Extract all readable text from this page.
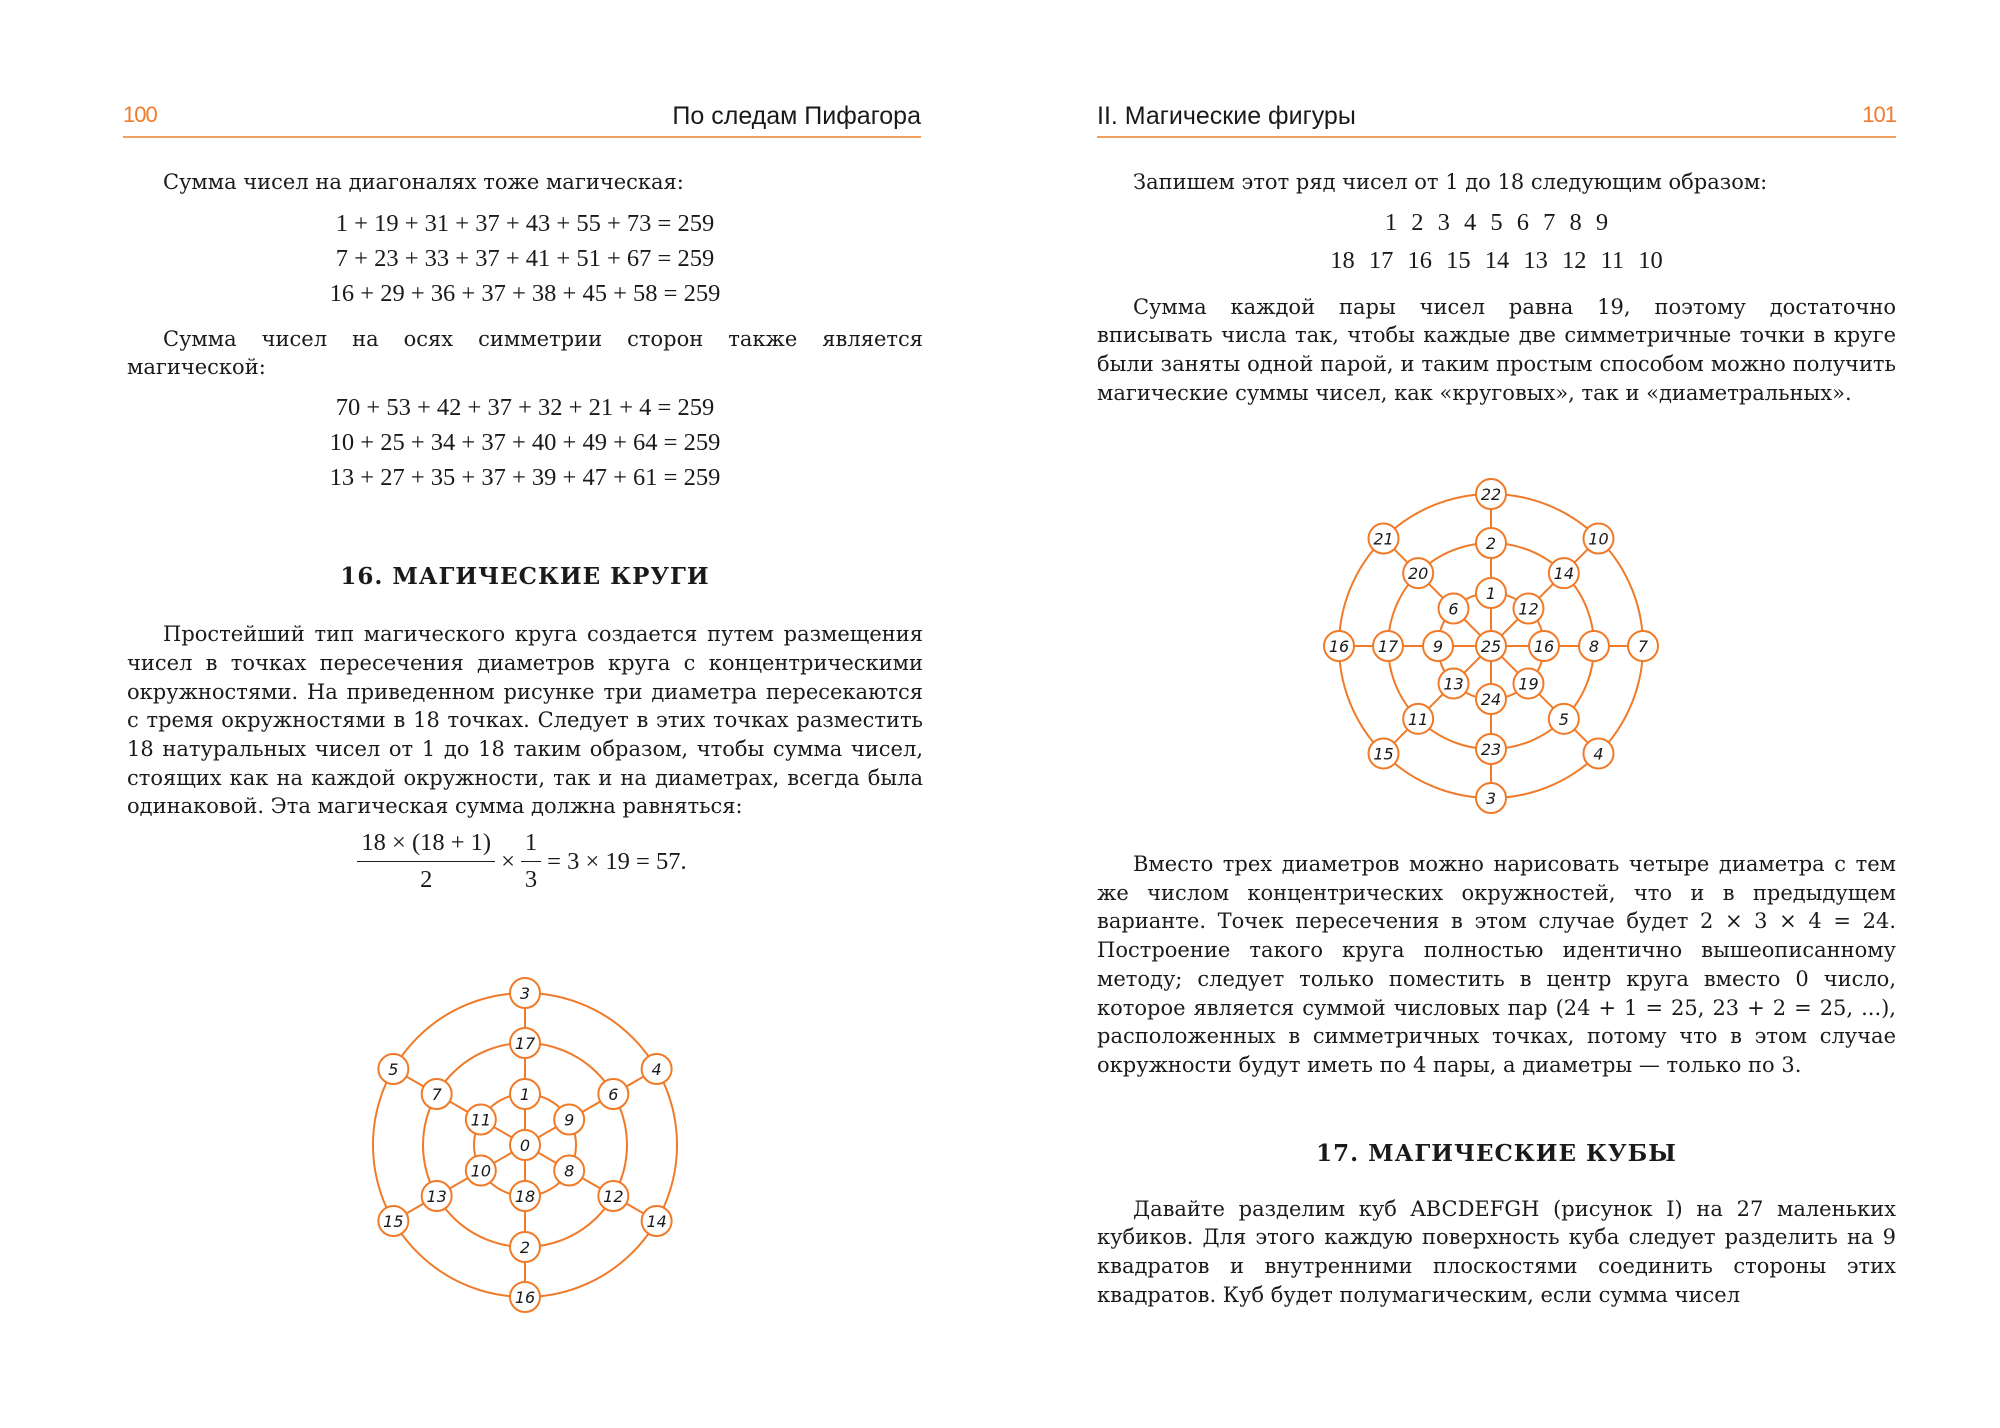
100	По следам Пифагора

Сумма чисел на диагоналях тоже магическая:

1 + 19 + 31 + 37 + 43 + 55 + 73 = 259

7 + 23 + 33 + 37 + 41 + 51 + 67 = 259

16 + 29 + 36 + 37 + 38 + 45 + 58 = 259

Сумма чисел на осях симметрии сторон также является магической:

70 + 53 + 42 + 37 + 32 + 21 + 4 = 259

10 + 25 + 34 + 37 + 40 + 49 + 64 = 259

13 + 27 + 35 + 37 + 39 + 47 + 61 = 259

16. МАГИЧЕСКИЕ КРУГИ

Простейший тип магического круга создается путем размещения чисел в точках пересечения диаметров круга с концентрическими окружностями. На приведенном рисунке три диаметра пересекаются с тремя окружностями в 18 точках. Следует в этих точках разместить 18 натуральных чисел от 1 до 18 таким образом, чтобы сумма чисел, стоящих как на каждой окружности, так и на диаметрах, всегда была одинаковой. Эта магическая сумма должна равняться:

$\frac{18 \times (18 + 1)}{2} \times \frac{1}{3} = 3 \times 19 = 57$.
1
9
8
18
10
11
17
6
12
2
13
7
3
4
14
16
15
5
0
II. Магические фигуры	101

Запишем этот ряд чисел от 1 до 18 следующим образом:

1 2 3 4 5 6 7 8 9

18 17 16 15 14 13 12 11 10

Сумма каждой пары чисел равна 19, поэтому достаточно вписывать числа так, чтобы каждые две симметричные точки в круге были заняты одной парой, и таким простым способом можно получить магические суммы чисел, как «круговых», так и «диаметральных».

1
12
16
19
24
13
9
6
2
14
8
5
23
11
17
20
22
10
7
4
3
15
16
21
25

Вместо трех диаметров можно нарисовать четыре диаметра с тем же числом концентрических окружностей, что и в предыдущем варианте. Точек пересечения в этом случае будет 2 × 3 × 4 = 24. Построение такого круга полностью идентично вышеописанному методу; следует только поместить в центр круга вместо 0 число, которое является суммой числовых пар (24 + 1 = 25, 23 + 2 = 25, ...), расположенных в симметричных точках, потому что в этом случае окружности будут иметь по 4 пары, а диаметры — только по 3.

17. МАГИЧЕСКИЕ КУБЫ

Давайте разделим куб ABCDEFGH (рисунок I) на 27 маленьких кубиков. Для этого каждую поверхность куба следует разделить на 9 квадратов и внутренними плоскостями соединить стороны этих квадратов. Куб будет полумагическим, если сумма чисел
